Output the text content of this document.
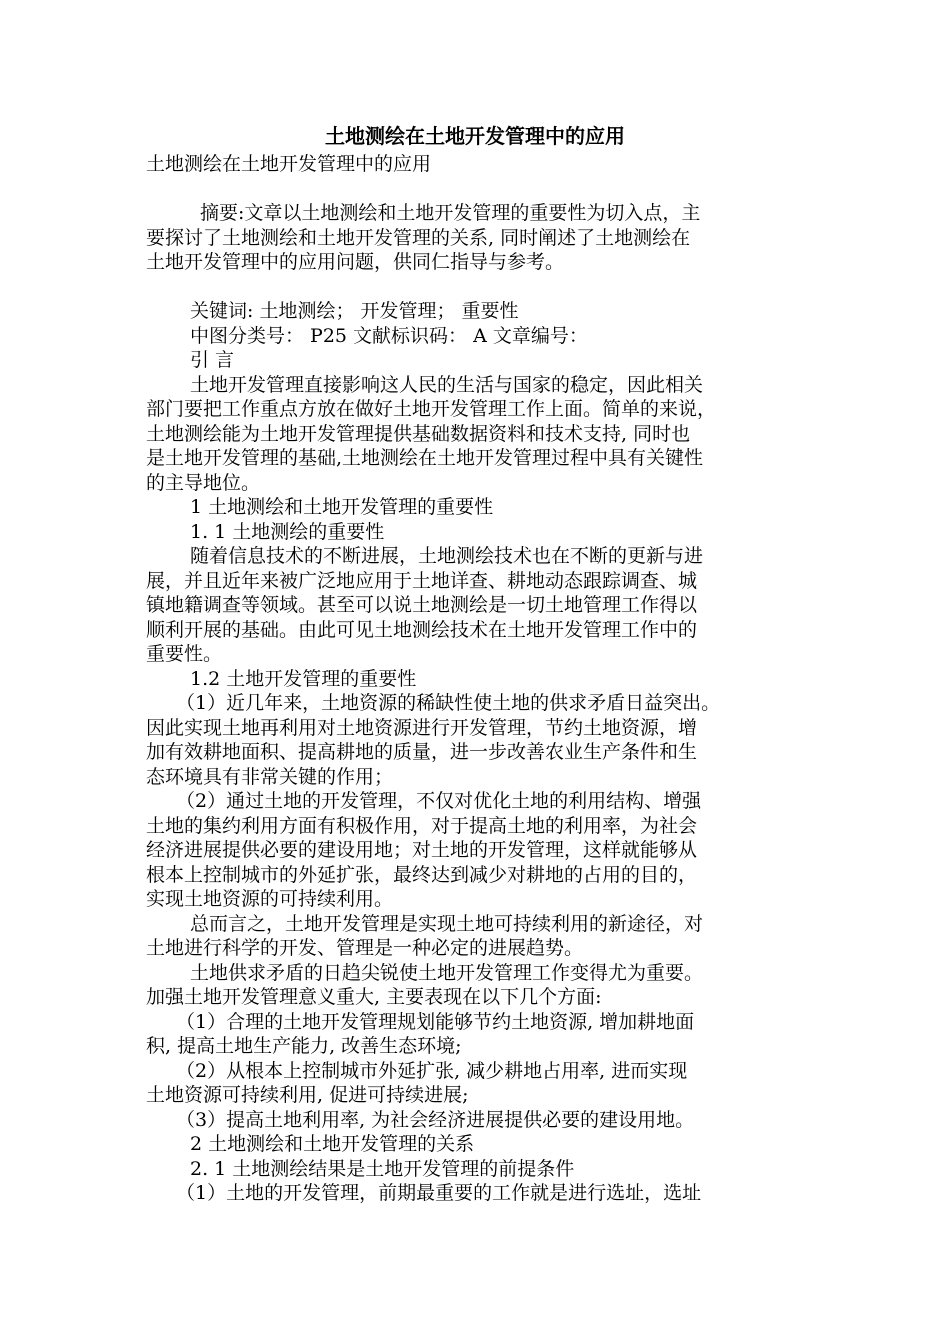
土地测绘在土地开发管理中的应用

土地测绘在土地开发管理中的应用

摘要:文章以土地测绘和土地开发管理的重要性为切入点，主

要探讨了土地测绘和土地开发管理的关系, 同时阐述了土地测绘在

土地开发管理中的应用问题，供同仁指导与参考。

关键词: 土地测绘； 开发管理； 重要性

中图分类号： P25 文献标识码： A 文章编号：

引 言

土地开发管理直接影响这人民的生活与国家的稳定，因此相关

部门要把工作重点方放在做好土地开发管理工作上面。简单的来说，

土地测绘能为土地开发管理提供基础数据资料和技术支持, 同时也

是土地开发管理的基础,土地测绘在土地开发管理过程中具有关键性

的主导地位。

1 土地测绘和土地开发管理的重要性

1. 1 土地测绘的重要性

随着信息技术的不断进展，土地测绘技术也在不断的更新与进

展，并且近年来被广泛地应用于土地详查、耕地动态跟踪调查、城

镇地籍调查等领域。甚至可以说土地测绘是一切土地管理工作得以

顺利开展的基础。由此可见土地测绘技术在土地开发管理工作中的

重要性。

1.2 土地开发管理的重要性

（1）近几年来，土地资源的稀缺性使土地的供求矛盾日益突出。

因此实现土地再利用对土地资源进行开发管理，节约土地资源，增

加有效耕地面积、提高耕地的质量，进一步改善农业生产条件和生

态环境具有非常关键的作用；

（2）通过土地的开发管理，不仅对优化土地的利用结构、增强

土地的集约利用方面有积极作用，对于提高土地的利用率，为社会

经济进展提供必要的建设用地；对土地的开发管理，这样就能够从

根本上控制城市的外延扩张，最终达到减少对耕地的占用的目的，

实现土地资源的可持续利用。

总而言之，土地开发管理是实现土地可持续利用的新途径，对

土地进行科学的开发、管理是一种必定的进展趋势。

土地供求矛盾的日趋尖锐使土地开发管理工作变得尤为重要。

加强土地开发管理意义重大, 主要表现在以下几个方面:

（1）合理的土地开发管理规划能够节约土地资源, 增加耕地面

积, 提高土地生产能力, 改善生态环境;

（2）从根本上控制城市外延扩张, 减少耕地占用率, 进而实现

土地资源可持续利用, 促进可持续进展;

（3）提高土地利用率, 为社会经济进展提供必要的建设用地。

2 土地测绘和土地开发管理的关系

2. 1 土地测绘结果是土地开发管理的前提条件

（1）土地的开发管理，前期最重要的工作就是进行选址，选址
